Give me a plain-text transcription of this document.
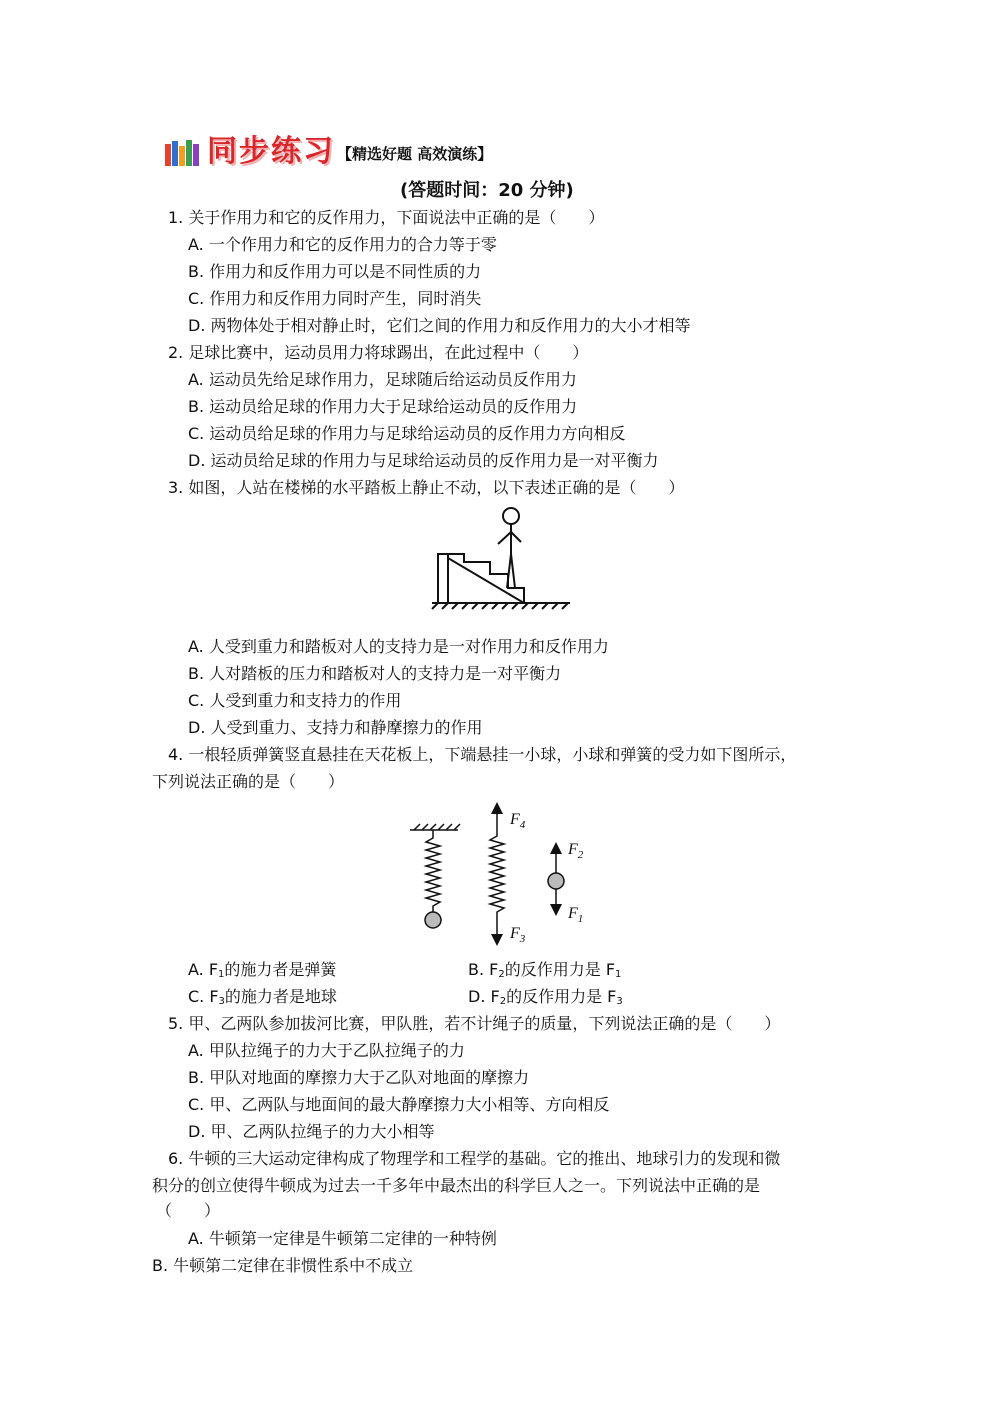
同步练习 【精选好题 高效演练】
(答题时间：20 分钟)
1. 关于作用力和它的反作用力，下面说法中正确的是（　　）
A. 一个作用力和它的反作用力的合力等于零
B. 作用力和反作用力可以是不同性质的力
C. 作用力和反作用力同时产生，同时消失
D. 两物体处于相对静止时，它们之间的作用力和反作用力的大小才相等
2. 足球比赛中，运动员用力将球踢出，在此过程中（　　）
A. 运动员先给足球作用力，足球随后给运动员反作用力
B. 运动员给足球的作用力大于足球给运动员的反作用力
C. 运动员给足球的作用力与足球给运动员的反作用力方向相反
D. 运动员给足球的作用力与足球给运动员的反作用力是一对平衡力
3. 如图，人站在楼梯的水平踏板上静止不动，以下表述正确的是（　　）
A. 人受到重力和踏板对人的支持力是一对作用力和反作用力
B. 人对踏板的压力和踏板对人的支持力是一对平衡力
C. 人受到重力和支持力的作用
D. 人受到重力、支持力和静摩擦力的作用
4. 一根轻质弹簧竖直悬挂在天花板上，下端悬挂一小球，小球和弹簧的受力如下图所示，
下列说法正确的是（　　）
$F_4$
$F_3$
$F_2$
$F_1$
A. $F_1$的施力者是弹簧	B. $F_2$的反作用力是 $F_1$
C. $F_3$的施力者是地球	D. $F_2$的反作用力是 $F_3$
5. 甲、乙两队参加拔河比赛，甲队胜，若不计绳子的质量，下列说法正确的是（　　）
A. 甲队拉绳子的力大于乙队拉绳子的力
B. 甲队对地面的摩擦力大于乙队对地面的摩擦力
C. 甲、乙两队与地面间的最大静摩擦力大小相等、方向相反
D. 甲、乙两队拉绳子的力大小相等
6. 牛顿的三大运动定律构成了物理学和工程学的基础。它的推出、地球引力的发现和微
积分的创立使得牛顿成为过去一千多年中最杰出的科学巨人之一。下列说法中正确的是
（　　）
A. 牛顿第一定律是牛顿第二定律的一种特例
B. 牛顿第二定律在非惯性系中不成立
